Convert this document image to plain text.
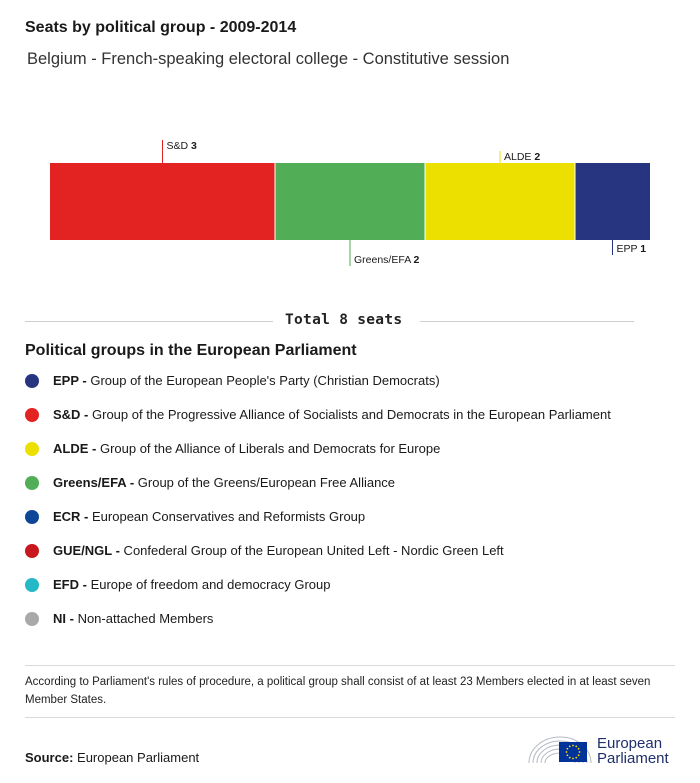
Seats by political group - 2009-2014
Belgium - French-speaking electoral college - Constitutive session
S&D 3
Greens/EFA 2
ALDE 2
EPP 1
Total 8 seats
Political groups in the European Parliament
EPP - Group of the European People's Party (Christian Democrats)
S&D - Group of the Progressive Alliance of Socialists and Democrats in the European Parliament
ALDE - Group of the Alliance of Liberals and Democrats for Europe
Greens/EFA - Group of the Greens/European Free Alliance
ECR - European Conservatives and Reformists Group
GUE/NGL - Confederal Group of the European United Left - Nordic Green Left
EFD - Europe of freedom and democracy Group
NI - Non-attached Members
According to Parliament's rules of procedure, a political group shall consist of at least 23 Members elected in at least seven Member States.
Source: European Parliament
European
Parliament
